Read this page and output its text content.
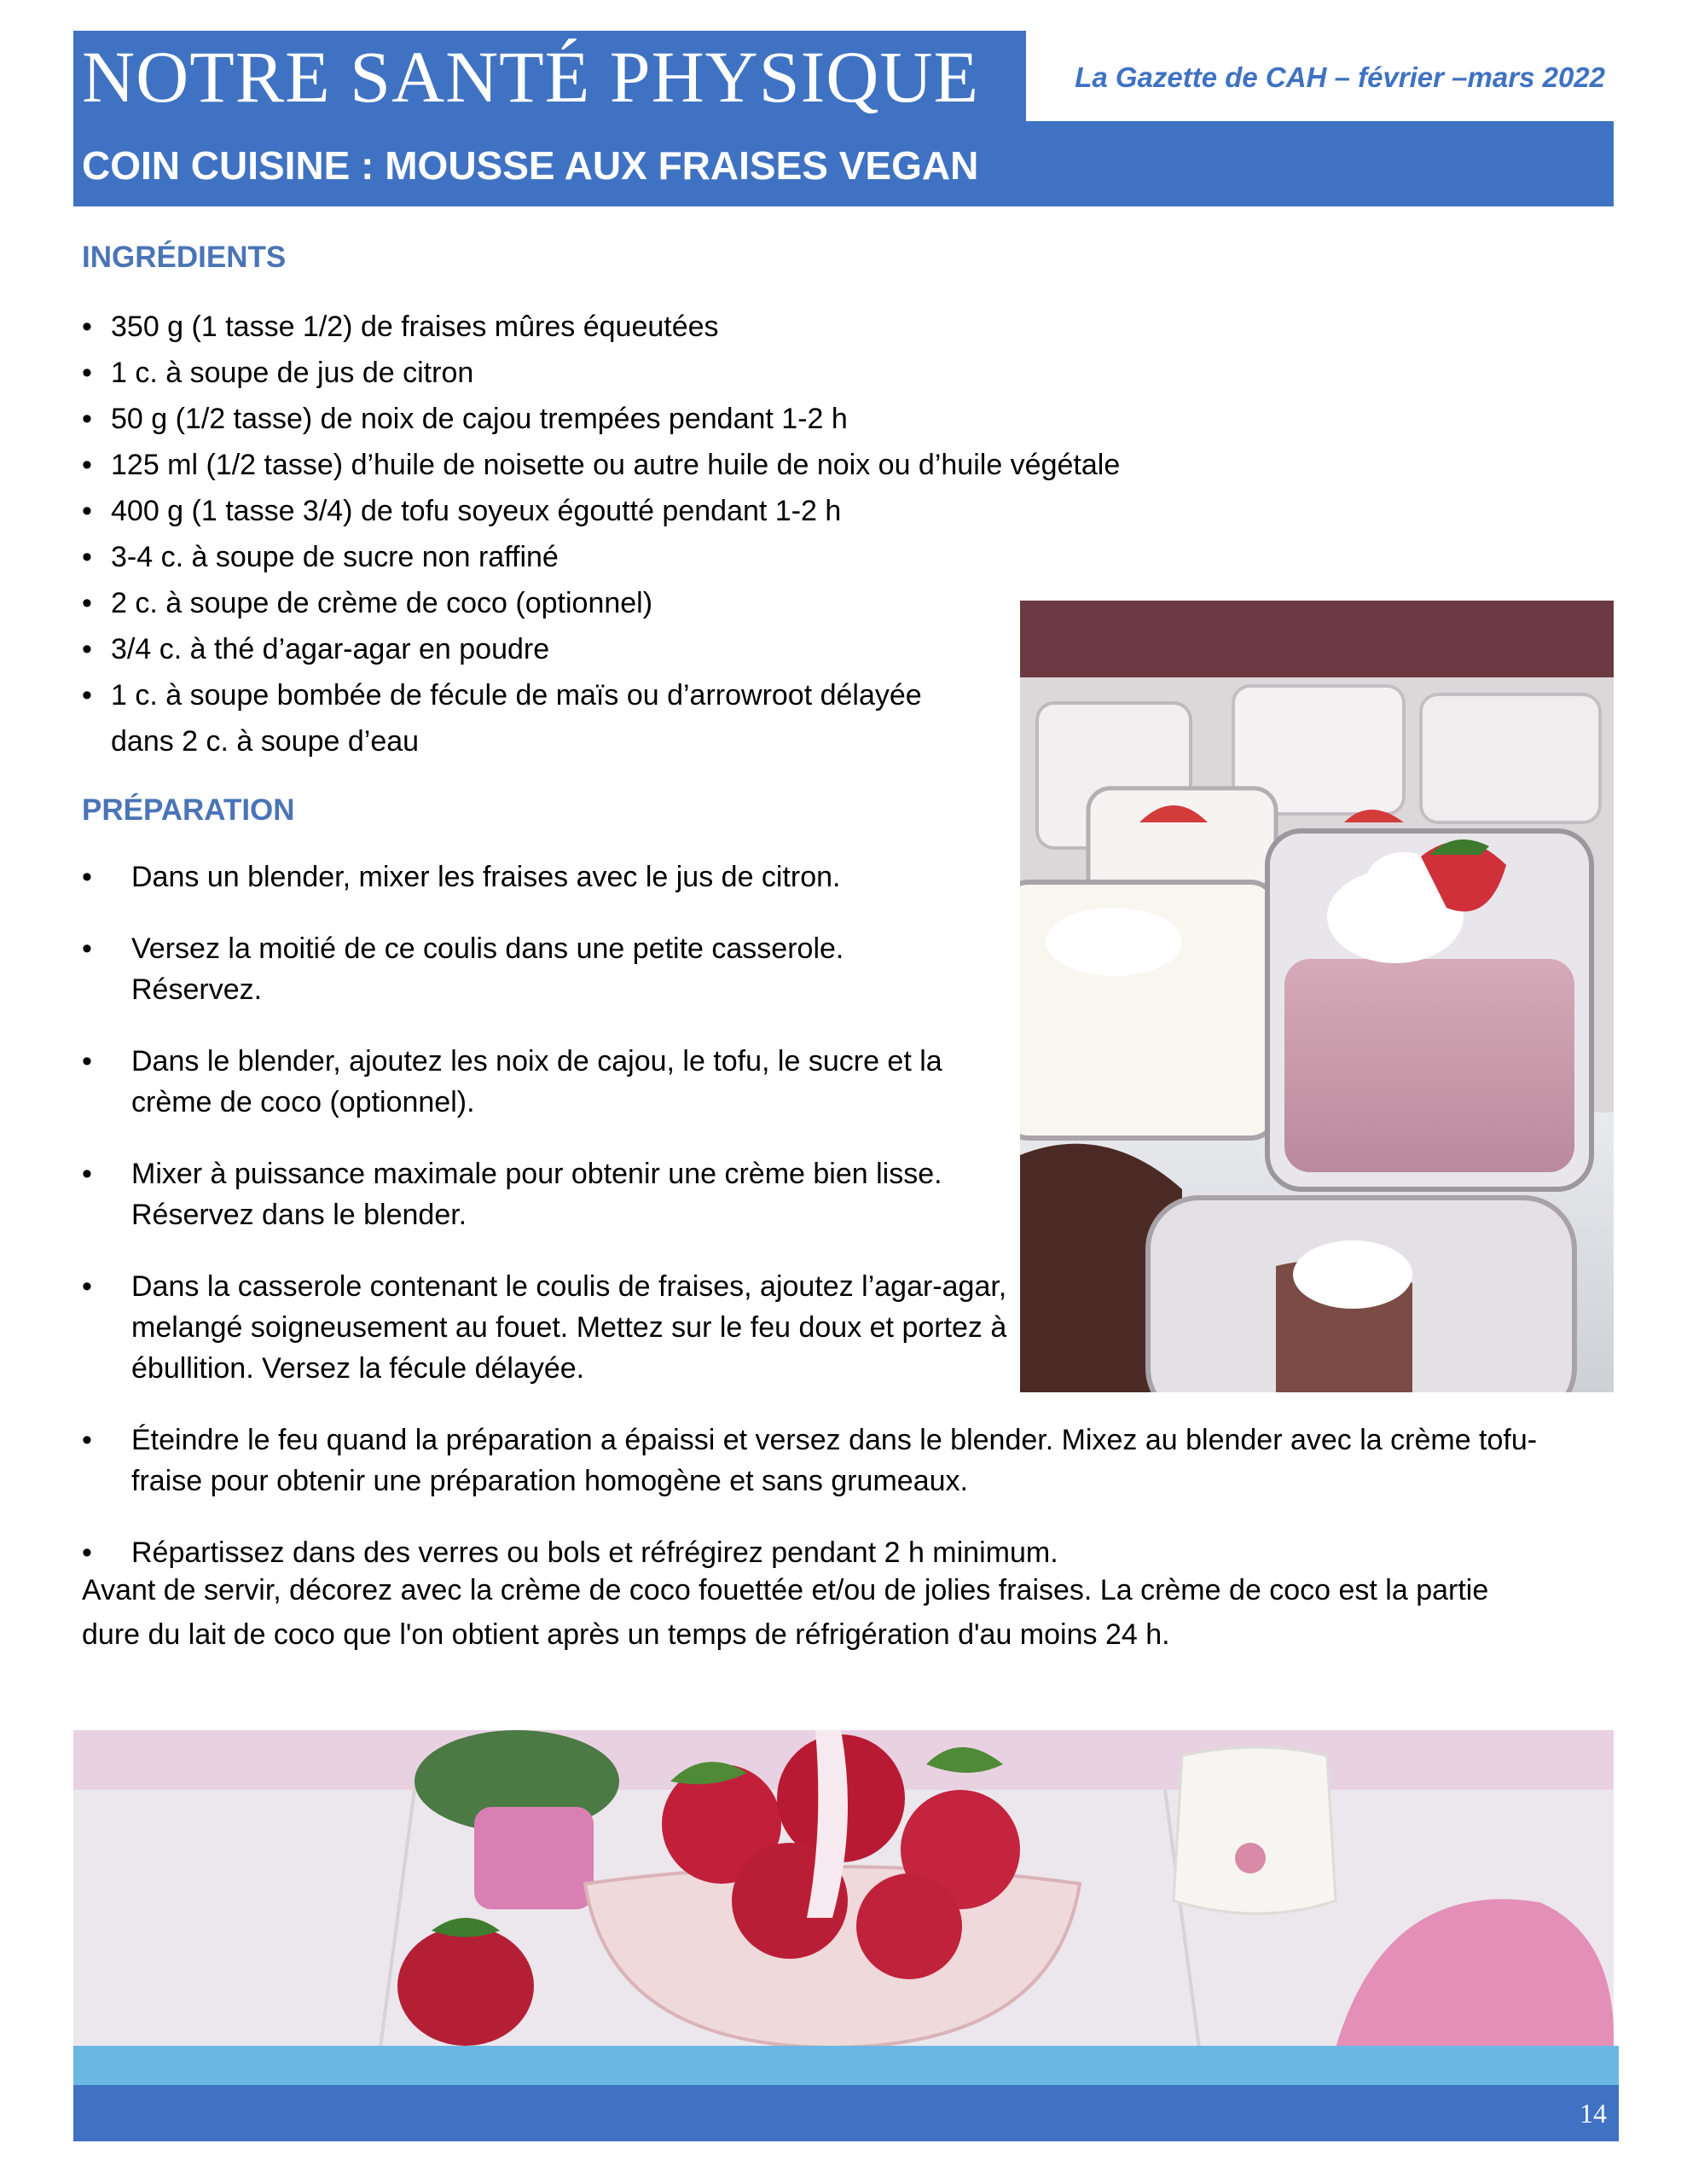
NOTRE SANTÉ PHYSIQUE	La Gazette de CAH – février –mars 2022
COIN CUISINE : MOUSSE AUX FRAISES VEGAN
INGRÉDIENTS
• 350 g (1 tasse 1/2) de fraises mûres équeutées
• 1 c. à soupe de jus de citron
• 50 g (1/2 tasse) de noix de cajou trempées pendant 1-2 h
• 125 ml (1/2 tasse) d’huile de noisette ou autre huile de noix ou d’huile végétale
• 400 g (1 tasse 3/4) de tofu soyeux égoutté pendant 1-2 h
• 3-4 c. à soupe de sucre non raffiné
• 2 c. à soupe de crème de coco (optionnel)
• 3/4 c. à thé d’agar-agar en poudre
• 1 c. à soupe bombée de fécule de maïs ou d’arrowroot délayée dans 2 c. à soupe d’eau
PRÉPARATION
• Dans un blender, mixer les fraises avec le jus de citron.
• Versez la moitié de ce coulis dans une petite casserole. Réservez.
• Dans le blender, ajoutez les noix de cajou, le tofu, le sucre et la crème de coco (optionnel).
• Mixer à puissance maximale pour obtenir une crème bien lisse. Réservez dans le blender.
• Dans la casserole contenant le coulis de fraises, ajoutez l’agar-agar, melangé soigneusement au fouet. Mettez sur le feu doux et portez à ébullition. Versez la fécule délayée.
• Éteindre le feu quand la préparation a épaissi et versez dans le blender. Mixez au blender avec la crème tofu-fraise pour obtenir une préparation homogène et sans grumeaux.
• Répartissez dans des verres ou bols et réfrégirez pendant 2 h minimum.
Avant de servir, décorez avec la crème de coco fouettée et/ou de jolies fraises. La crème de coco est la partie dure du lait de coco que l'on obtient après un temps de réfrigération d'au moins 24 h.
14
